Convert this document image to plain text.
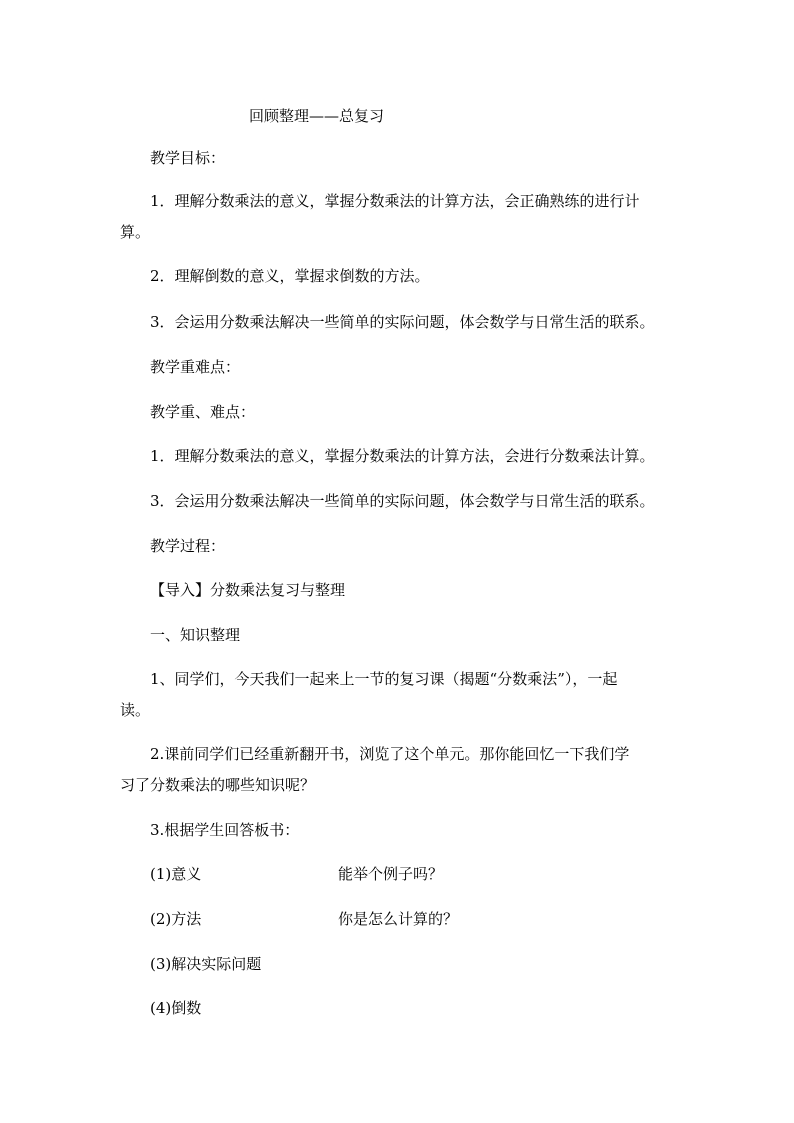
回顾整理——总复习
教学目标：
1．理解分数乘法的意义，掌握分数乘法的计算方法，会正确熟练的进行计
算。
2．理解倒数的意义，掌握求倒数的方法。
3．会运用分数乘法解决一些简单的实际问题，体会数学与日常生活的联系。
教学重难点：
教学重、难点：
1．理解分数乘法的意义，掌握分数乘法的计算方法，会进行分数乘法计算。
3．会运用分数乘法解决一些简单的实际问题，体会数学与日常生活的联系。
教学过程：
【导入】分数乘法复习与整理
一、知识整理
1、同学们，今天我们一起来上一节的复习课（揭题“分数乘法”），一起
读。
2.课前同学们已经重新翻开书，浏览了这个单元。那你能回忆一下我们学
习了分数乘法的哪些知识呢？
3.根据学生回答板书：
(1)意义	能举个例子吗？
(2)方法	你是怎么计算的？
(3)解决实际问题
(4)倒数
